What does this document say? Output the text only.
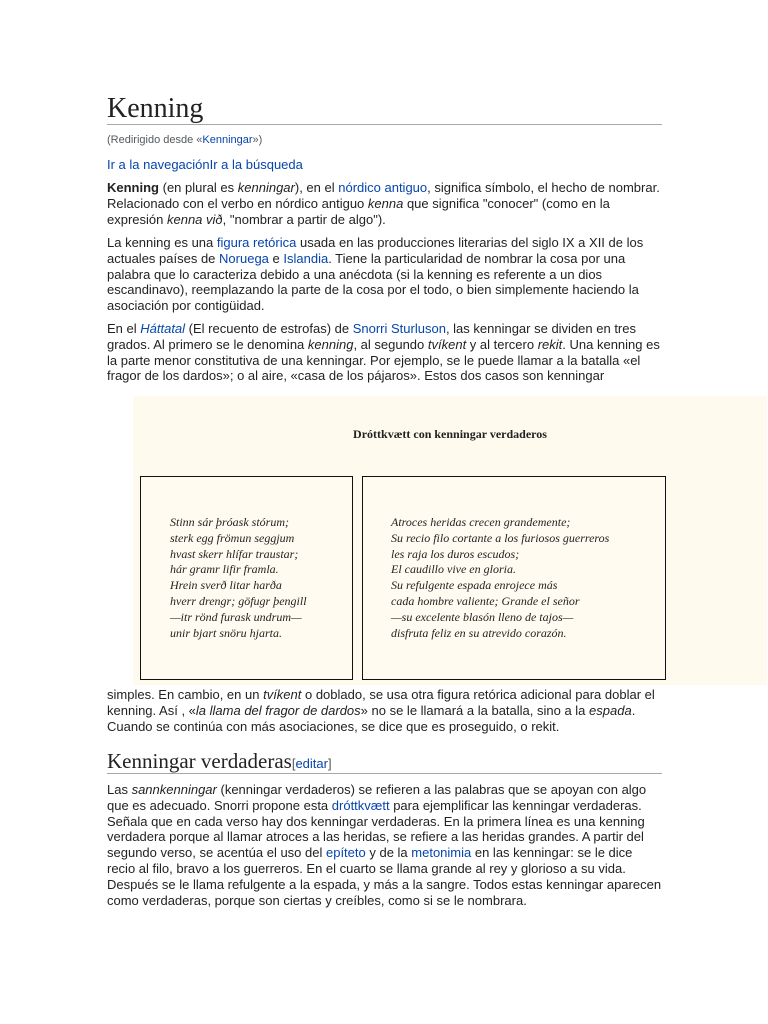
Kenning
(Redirigido desde «Kenningar»)
Ir a la navegaciónIr a la búsqueda

Kenning (en plural es kenningar), en el nórdico antiguo, significa símbolo, el hecho de nombrar. Relacionado con el verbo en nórdico antiguo kenna que significa "conocer" (como en la expresión kenna við, "nombrar a partir de algo").

La kenning es una figura retórica usada en las producciones literarias del siglo IX a XII de los actuales países de Noruega e Islandia. Tiene la particularidad de nombrar la cosa por una palabra que lo caracteriza debido a una anécdota (si la kenning es referente a un dios escandinavo), reemplazando la parte de la cosa por el todo, o bien simplemente haciendo la asociación por contigüidad.

En el Háttatal (El recuento de estrofas) de Snorri Sturluson, las kenningar se dividen en tres grados. Al primero se le denomina kenning, al segundo tvíkent y al tercero rekit. Una kenning es la parte menor constitutiva de una kenningar. Por ejemplo, se le puede llamar a la batalla «el fragor de los dardos»; o al aire, «casa de los pájaros». Estos dos casos son kenningar

Dróttkvætt con kenningar verdaderos
Stinn sár þróask stórum;
sterk egg frömun seggjum
hvast skerr hlífar traustar;
hár gramr lifir framla.
Hrein sverð litar harða
hverr drengr; göfugr þengill
—itr rönd furask undrum—
unir bjart snöru hjarta.
Atroces heridas crecen grandemente;
Su recio filo cortante a los furiosos guerreros
les raja los duros escudos;
El caudillo vive en gloria.
Su refulgente espada enrojece más
cada hombre valiente; Grande el señor
—su excelente blasón lleno de tajos—
disfruta feliz en su atrevido corazón.

simples. En cambio, en un tvíkent o doblado, se usa otra figura retórica adicional para doblar el kenning. Así , «la llama del fragor de dardos» no se le llamará a la batalla, sino a la espada. Cuando se continúa con más asociaciones, se dice que es proseguido, o rekit.

Kenningar verdaderas[editar]

Las sannkenningar (kenningar verdaderos) se refieren a las palabras que se apoyan con algo que es adecuado. Snorri propone esta dróttkvætt para ejemplificar las kenningar verdaderas. Señala que en cada verso hay dos kenningar verdaderas. En la primera línea es una kenning verdadera porque al llamar atroces a las heridas, se refiere a las heridas grandes. A partir del segundo verso, se acentúa el uso del epíteto y de la metonimia en las kenningar: se le dice recio al filo, bravo a los guerreros. En el cuarto se llama grande al rey y glorioso a su vida. Después se le llama refulgente a la espada, y más a la sangre. Todos estas kenningar aparecen como verdaderas, porque son ciertas y creíbles, como si se le nombrara.
